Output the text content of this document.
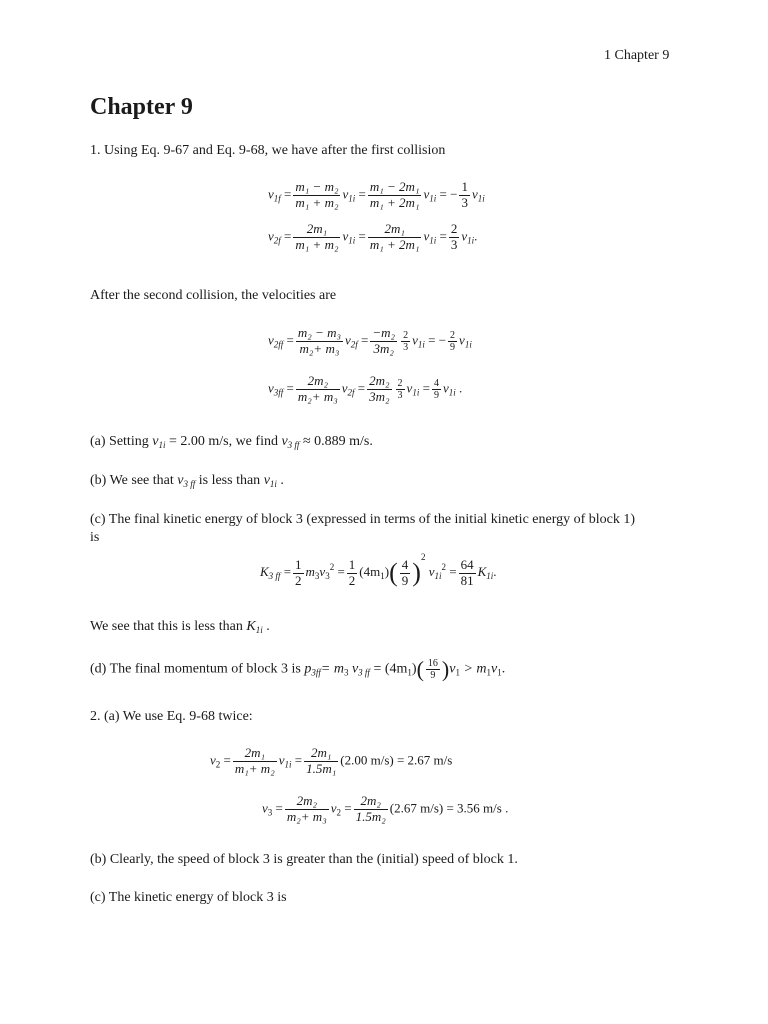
1 Chapter 9
Chapter 9
1. Using Eq. 9-67 and Eq. 9-68, we have after the first collision
$v_{1f} = \frac{\text{m₁ − m₂}}{\text{m₁ + m₂}} v_{1i} = \frac{\text{m₁ − 2m₁}}{\text{m₁ + 2m₁}} v_{1i}$ = − $\frac{1}{3} v_{1i}$
$v_{2f} = \frac{\text{2m₁}}{\text{m₁ + m₂}} v_{1i} = \frac{\text{2m₁}}{\text{m₁ + 2m₁}} v_{1i} = \frac{2}{3} v_{1i}$.
After the second collision, the velocities are
$v_{2ff} = \frac{\text{m₂ − m₃}}{\text{m₂+ m₃}} v_{2f} = \frac{\text{−m₂}}{\text{3m₂}} \frac{2}{3} v_{1i}$ = − $\frac{2}{9} v_{1i}$
$v_{3ff} = \frac{\text{2m₂}}{\text{m₂+ m₃}} v_{2f} = \frac{\text{2m₂}}{\text{3m₂}} \frac{2}{3} v_{1i} = \frac{4}{9} v_{1i}$ .
(a) Setting $v_{1i} = 2.00$ m/s, we find $v_{3 ff} \approx 0.889$ m/s.
(b) We see that $v_{3 ff}$ is less than $v_{1i}$ .
(c) The final kinetic energy of block 3 (expressed in terms of the initial kinetic energy of block 1)
is
$K_{3 ff} = \frac{1}{2} m_3v_3^2 = \frac{1}{2} (4m_1)( \frac{4}{9} )^2$ $v_{1i}^2 = \frac{64}{81} K_{1i}$.
We see that this is less than $K_{1i}$ .
(d) The final momentum of block 3 is $p_{3ff}= m_3$ $v_{3 ff} = (4m_1)( \frac{16}{9} )v_1 > m_1v_1$.
2. (a) We use Eq. 9-68 twice:
$v_2 = \frac{\text{2m₁}}{\text{m₁+ m₂}} v_{1i} = \frac{\text{2m₁}}{\text{1.5m₁}} (2.00$ m/s) = 2.67 m/s
$v_3 = \frac{\text{2m₂}}{\text{m₂+ m₃}} v_2 = \frac{\text{2m₂}}{\text{1.5m₂}} (2.67$ m/s) = 3.56 m/s .
(b) Clearly, the speed of block 3 is greater than the (initial) speed of block 1.
(c) The kinetic energy of block 3 is
